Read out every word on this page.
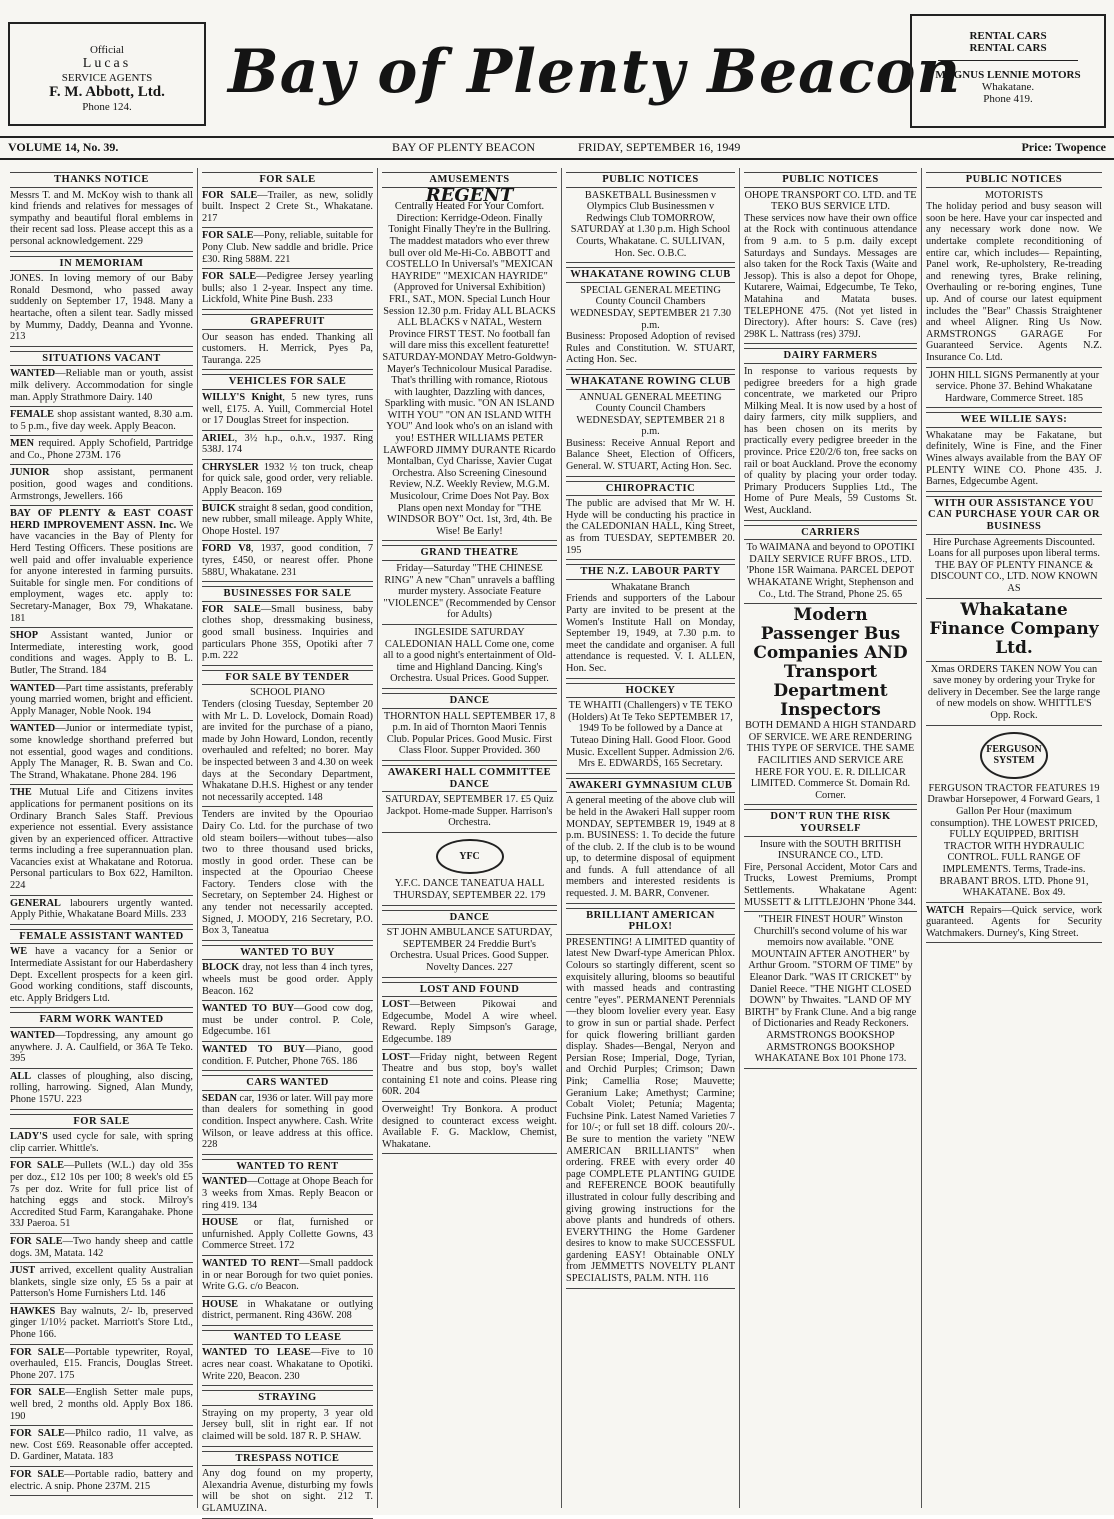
Official
Lucas
SERVICE AGENTS
F. M. Abbott, Ltd.
Phone 124.	Bay of Plenty Beacon
RENTAL CARS
RENTAL CARS
MAGNUS LENNIE MOTORS
Whakatane.
Phone 419.
VOLUME 14, No. 39.	BAY OF PLENTY BEACON	FRIDAY, SEPTEMBER 16, 1949	Price: Twopence
THANKS NOTICE

Messrs T. and M. McKoy wish to thank all kind friends and relatives for messages of sympathy and beautiful floral emblems in their recent sad loss. Please accept this as a personal acknowledgement. 229

IN MEMORIAM

JONES. In loving memory of our Baby Ronald Desmond, who passed away suddenly on September 17, 1948. Many a heartache, often a silent tear. Sadly missed by Mummy, Daddy, Deanna and Yvonne. 213

SITUATIONS VACANT

WANTED—Reliable man or youth, assist milk delivery. Accommodation for single man. Apply Strathmore Dairy. 140

FEMALE shop assistant wanted, 8.30 a.m. to 5 p.m., five day week. Apply Beacon.

MEN required. Apply Schofield, Partridge and Co., Phone 273M. 176

JUNIOR shop assistant, permanent position, good wages and conditions. Armstrongs, Jewellers. 166

BAY OF PLENTY & EAST COAST HERD IMPROVEMENT ASSN. Inc. We have vacancies in the Bay of Plenty for Herd Testing Officers. These positions are well paid and offer invaluable experience for anyone interested in farming pursuits. Suitable for single men. For conditions of employment, wages etc. apply to: Secretary-Manager, Box 79, Whakatane. 181

SHOP Assistant wanted, Junior or Intermediate, interesting work, good conditions and wages. Apply to B. L. Butler, The Strand. 184

WANTED—Part time assistants, preferably young married women, bright and efficient. Apply Manager, Noble Nook. 194

WANTED—Junior or intermediate typist, some knowledge shorthand preferred but not essential, good wages and conditions. Apply The Manager, R. B. Swan and Co. The Strand, Whakatane. Phone 284. 196

THE Mutual Life and Citizens invites applications for permanent positions on its Ordinary Branch Sales Staff. Previous experience not essential. Every assistance given by an experienced officer. Attractive terms including a free superannuation plan. Vacancies exist at Whakatane and Rotorua. Personal particulars to Box 622, Hamilton. 224

GENERAL labourers urgently wanted. Apply Pithie, Whakatane Board Mills. 233

FEMALE ASSISTANT WANTED

WE have a vacancy for a Senior or Intermediate Assistant for our Haberdashery Dept. Excellent prospects for a keen girl. Good working conditions, staff discounts, etc. Apply Bridgers Ltd.

FARM WORK WANTED

WANTED—Topdressing, any amount go anywhere. J. A. Caulfield, or 36A Te Teko. 395

ALL classes of ploughing, also discing, rolling, harrowing. Signed, Alan Mundy, Phone 157U. 223

FOR SALE

LADY'S used cycle for sale, with spring clip carrier. Whittle's.

FOR SALE—Pullets (W.L.) day old 35s per doz., £12 10s per 100; 8 week's old £5 7s per doz. Write for full price list of hatching eggs and stock. Milroy's Accredited Stud Farm, Karangahake. Phone 33J Paeroa. 51

FOR SALE—Two handy sheep and cattle dogs. 3M, Matata. 142

JUST arrived, excellent quality Australian blankets, single size only, £5 5s a pair at Patterson's Home Furnishers Ltd. 146

HAWKES Bay walnuts, 2/- lb, preserved ginger 1/10½ packet. Marriott's Store Ltd., Phone 166.

FOR SALE—Portable typewriter, Royal, overhauled, £15. Francis, Douglas Street. Phone 207. 175

FOR SALE—English Setter male pups, well bred, 2 months old. Apply Box 186. 190

FOR SALE—Philco radio, 11 valve, as new. Cost £69. Reasonable offer accepted. D. Gardiner, Matata. 183

FOR SALE—Portable radio, battery and electric. A snip. Phone 237M. 215

FOR SALE

FOR SALE—Trailer, as new, solidly built. Inspect 2 Crete St., Whakatane. 217

FOR SALE—Pony, reliable, suitable for Pony Club. New saddle and bridle. Price £30. Ring 588M. 221

FOR SALE—Pedigree Jersey yearling bulls; also 1 2-year. Inspect any time. Lickfold, White Pine Bush. 233

GRAPEFRUIT

Our season has ended. Thanking all customers. H. Merrick, Pyes Pa, Tauranga. 225

VEHICLES FOR SALE

WILLY'S Knight, 5 new tyres, runs well, £175. A. Yuill, Commercial Hotel or 17 Douglas Street for inspection.

ARIEL, 3½ h.p., o.h.v., 1937. Ring 538J. 174

CHRYSLER 1932 ½ ton truck, cheap for quick sale, good order, very reliable. Apply Beacon. 169

BUICK straight 8 sedan, good condition, new rubber, small mileage. Apply White, Ohope Hostel. 197

FORD V8, 1937, good condition, 7 tyres, £450, or nearest offer. Phone 588U, Whakatane. 231

BUSINESSES FOR SALE

FOR SALE—Small business, baby clothes shop, dressmaking business, good small business. Inquiries and particulars Phone 35S, Opotiki after 7 p.m. 222

FOR SALE BY TENDER

SCHOOL PIANO

Tenders (closing Tuesday, September 20 with Mr L. D. Lovelock, Domain Road) are invited for the purchase of a piano, made by John Howard, London, recently overhauled and refelted; no borer. May be inspected between 3 and 4.30 on week days at the Secondary Department, Whakatane D.H.S. Highest or any tender not necessarily accepted. 148

Tenders are invited by the Opouriao Dairy Co. Ltd. for the purchase of two old steam boilers—without tubes—also two to three thousand used bricks, mostly in good order. These can be inspected at the Opouriao Cheese Factory. Tenders close with the Secretary, on September 24. Highest or any tender not necessarily accepted. Signed, J. MOODY, 216 Secretary, P.O. Box 3, Taneatua

WANTED TO BUY

BLOCK dray, not less than 4 inch tyres, wheels must be good order. Apply Beacon. 162

WANTED TO BUY—Good cow dog, must be under control. P. Cole, Edgecumbe. 161

WANTED TO BUY—Piano, good condition. F. Putcher, Phone 76S. 186

CARS WANTED

SEDAN car, 1936 or later. Will pay more than dealers for something in good condition. Inspect anywhere. Cash. Write Wilson, or leave address at this office. 228

WANTED TO RENT

WANTED—Cottage at Ohope Beach for 3 weeks from Xmas. Reply Beacon or ring 419. 134

HOUSE or flat, furnished or unfurnished. Apply Collette Gowns, 43 Commerce Street. 172

WANTED TO RENT—Small paddock in or near Borough for two quiet ponies. Write G.G. c/o Beacon.

HOUSE in Whakatane or outlying district, permanent. Ring 436W. 208

WANTED TO LEASE

WANTED TO LEASE—Five to 10 acres near coast. Whakatane to Opotiki. Write 220, Beacon. 230

STRAYING

Straying on my property, 3 year old Jersey bull, slit in right ear. If not claimed will be sold. 187 R. P. SHAW.

TRESPASS NOTICE

Any dog found on my property, Alexandria Avenue, disturbing my fowls will be shot on sight. 212 T. GLAMUZINA.

AMUSEMENTS
REGENT

Centrally Heated For Your Comfort. Direction: Kerridge-Odeon. Finally Tonight Finally They're in the Bullring. The maddest matadors who ever threw bull over old Me-Hi-Co. ABBOTT and COSTELLO In Universal's "MEXICAN HAYRIDE" "MEXICAN HAYRIDE" (Approved for Universal Exhibition) FRI., SAT., MON. Special Lunch Hour Session 12.30 p.m. Friday ALL BLACKS ALL BLACKS v NATAL, Western Province FIRST TEST. No football fan will dare miss this excellent featurette! SATURDAY-MONDAY Metro-Goldwyn-Mayer's Technicolour Musical Paradise. That's thrilling with romance, Riotous with laughter, Dazzling with dances, Sparkling with music. "ON AN ISLAND WITH YOU" "ON AN ISLAND WITH YOU" And look who's on an island with you! ESTHER WILLIAMS PETER LAWFORD JIMMY DURANTE Ricardo Montalban, Cyd Charisse, Xavier Cugat Orchestra. Also Screening Cinesound Review, N.Z. Weekly Review, M.G.M. Musicolour, Crime Does Not Pay. Box Plans open next Monday for "THE WINDSOR BOY" Oct. 1st, 3rd, 4th. Be Wise! Be Early!

GRAND THEATRE

Friday—Saturday "THE CHINESE RING" A new "Chan" unravels a baffling murder mystery. Associate Feature "VIOLENCE" (Recommended by Censor for Adults)

INGLESIDE SATURDAY CALEDONIAN HALL Come one, come all to a good night's entertainment of Old-time and Highland Dancing. King's Orchestra. Usual Prices. Good Supper.

DANCE

THORNTON HALL SEPTEMBER 17, 8 p.m. In aid of Thornton Maori Tennis Club. Popular Prices. Good Music. First Class Floor. Supper Provided. 360

AWAKERI HALL COMMITTEE DANCE

SATURDAY, SEPTEMBER 17. £5 Quiz Jackpot. Home-made Supper. Harrison's Orchestra.

YFC

Y.F.C. DANCE TANEATUA HALL THURSDAY, SEPTEMBER 22. 179

DANCE

ST JOHN AMBULANCE SATURDAY, SEPTEMBER 24 Freddie Burt's Orchestra. Usual Prices. Good Supper. Novelty Dances. 227

LOST AND FOUND

LOST—Between Pikowai and Edgecumbe, Model A wire wheel. Reward. Reply Simpson's Garage, Edgecumbe. 189

LOST—Friday night, between Regent Theatre and bus stop, boy's wallet containing £1 note and coins. Please ring 60R. 204

Overweight! Try Bonkora. A product designed to counteract excess weight. Available F. G. Macklow, Chemist, Whakatane.

PUBLIC NOTICES

BASKETBALL Businessmen v Olympics Club Businessmen v Redwings Club TOMORROW, SATURDAY at 1.30 p.m. High School Courts, Whakatane. C. SULLIVAN, Hon. Sec. O.B.C.

WHAKATANE ROWING CLUB

SPECIAL GENERAL MEETING County Council Chambers WEDNESDAY, SEPTEMBER 21 7.30 p.m.

Business: Proposed Adoption of revised Rules and Constitution. W. STUART, Acting Hon. Sec.

WHAKATANE ROWING CLUB

ANNUAL GENERAL MEETING County Council Chambers WEDNESDAY, SEPTEMBER 21 8 p.m.

Business: Receive Annual Report and Balance Sheet, Election of Officers, General. W. STUART, Acting Hon. Sec.

CHIROPRACTIC

The public are advised that Mr W. H. Hyde will be conducting his practice in the CALEDONIAN HALL, King Street, as from TUESDAY, SEPTEMBER 20. 195

THE N.Z. LABOUR PARTY

Whakatane Branch

Friends and supporters of the Labour Party are invited to be present at the Women's Institute Hall on Monday, September 19, 1949, at 7.30 p.m. to meet the candidate and organiser. A full attendance is requested. V. I. ALLEN, Hon. Sec.

HOCKEY

TE WHAITI (Challengers) v TE TEKO (Holders) At Te Teko SEPTEMBER 17, 1949 To be followed by a Dance at Tuteao Dining Hall. Good Floor. Good Music. Excellent Supper. Admission 2/6. Mrs E. EDWARDS, 165 Secretary.

AWAKERI GYMNASIUM CLUB

A general meeting of the above club will be held in the Awakeri Hall supper room MONDAY, SEPTEMBER 19, 1949 at 8 p.m. BUSINESS: 1. To decide the future of the club. 2. If the club is to be wound up, to determine disposal of equipment and funds. A full attendance of all members and interested residents is requested. J. M. BARR, Convener.

BRILLIANT AMERICAN PHLOX!

PRESENTING! A LIMITED quantity of latest New Dwarf-type American Phlox. Colours so startingly different, scent so exquisitely alluring, blooms so beautiful with massed heads and contrasting centre "eyes". PERMANENT Perennials—they bloom lovelier every year. Easy to grow in sun or partial shade. Perfect for quick flowering brilliant garden display. Shades—Bengal, Neryon and Persian Rose; Imperial, Doge, Tyrian, and Orchid Purples; Crimson; Dawn Pink; Camellia Rose; Mauvette; Geranium Lake; Amethyst; Carmine; Cobalt Violet; Petunia; Magenta; Fuchsine Pink. Latest Named Varieties 7 for 10/-; or full set 18 diff. colours 20/-. Be sure to mention the variety "NEW AMERICAN BRILLIANTS" when ordering. FREE with every order 40 page COMPLETE PLANTING GUIDE and REFERENCE BOOK beautifully illustrated in colour fully describing and giving growing instructions for the above plants and hundreds of others. EVERYTHING the Home Gardener desires to know to make SUCCESSFUL gardening EASY! Obtainable ONLY from JEMMETTS NOVELTY PLANT SPECIALISTS, PALM. NTH. 116

PUBLIC NOTICES

OHOPE TRANSPORT CO. LTD. and TE TEKO BUS SERVICE LTD.

These services now have their own office at the Rock with continuous attendance from 9 a.m. to 5 p.m. daily except Saturdays and Sundays. Messages are also taken for the Rock Taxis (Waite and Jessop). This is also a depot for Ohope, Kutarere, Waimai, Edgecumbe, Te Teko, Matahina and Matata buses. TELEPHONE 475. (Not yet listed in Directory). After hours: S. Cave (res) 298K L. Nattrass (res) 379J.

DAIRY FARMERS

In response to various requests by pedigree breeders for a high grade concentrate, we marketed our Pripro Milking Meal. It is now used by a host of dairy farmers, city milk suppliers, and has been chosen on its merits by practically every pedigree breeder in the province. Price £20/2/6 ton, free sacks on rail or boat Auckland. Prove the economy of quality by placing your order today. Primary Producers Supplies Ltd., The Home of Pure Meals, 59 Customs St. West, Auckland.

CARRIERS

To WAIMANA and beyond to OPOTIKI DAILY SERVICE RUFF BROS., LTD. 'Phone 15R Waimana. PARCEL DEPOT WHAKATANE Wright, Stephenson and Co., Ltd. The Strand, Phone 25. 65

Modern Passenger Bus Companies AND Transport Department Inspectors

BOTH DEMAND A HIGH STANDARD OF SERVICE. WE ARE RENDERING THIS TYPE OF SERVICE. THE SAME FACILITIES AND SERVICE ARE HERE FOR YOU. E. R. DILLICAR LIMITED. Commerce St. Domain Rd. Corner.

DON'T RUN THE RISK YOURSELF

Insure with the SOUTH BRITISH INSURANCE CO., LTD.

Fire, Personal Accident, Motor Cars and Trucks, Lowest Premiums, Prompt Settlements. Whakatane Agent: MUSSETT & LITTLEJOHN 'Phone 344.

"THEIR FINEST HOUR" Winston Churchill's second volume of his war memoirs now available. "ONE MOUNTAIN AFTER ANOTHER" by Arthur Groom. "STORM OF TIME" by Eleanor Dark. "WAS IT CRICKET" by Daniel Reece. "THE NIGHT CLOSED DOWN" by Thwaites. "LAND OF MY BIRTH" by Frank Clune. And a big range of Dictionaries and Ready Reckoners. ARMSTRONGS BOOKSHOP ARMSTRONGS BOOKSHOP WHAKATANE Box 101 Phone 173.

PUBLIC NOTICES

MOTORISTS

The holiday period and busy season will soon be here. Have your car inspected and any necessary work done now. We undertake complete reconditioning of entire car, which includes— Repainting, Panel work, Re-upholstery, Re-treading and renewing tyres, Brake relining, Overhauling or re-boring engines, Tune up. And of course our latest equipment includes the "Bear" Chassis Straightener and wheel Aligner. Ring Us Now. ARMSTRONGS GARAGE For Guaranteed Service. Agents N.Z. Insurance Co. Ltd.

JOHN HILL SIGNS Permanently at your service. Phone 37. Behind Whakatane Hardware, Commerce Street. 185

WEE WILLIE SAYS:

Whakatane may be Fakatane, but definitely, Wine is Fine, and the Finer Wines always available from the BAY OF PLENTY WINE CO. Phone 435. J. Barnes, Edgecumbe Agent.

WITH OUR ASSISTANCE YOU CAN PURCHASE YOUR CAR OR BUSINESS

Hire Purchase Agreements Discounted. Loans for all purposes upon liberal terms. THE BAY OF PLENTY FINANCE & DISCOUNT CO., LTD. NOW KNOWN AS

Whakatane Finance Company Ltd.

Xmas ORDERS TAKEN NOW You can save money by ordering your Tryke for delivery in December. See the large range of new models on show. WHITTLE'S Opp. Rock.

FERGUSON SYSTEM

FERGUSON TRACTOR FEATURES 19 Drawbar Horsepower, 4 Forward Gears, 1 Gallon Per Hour (maximum consumption). THE LOWEST PRICED, FULLY EQUIPPED, BRITISH TRACTOR WITH HYDRAULIC CONTROL. FULL RANGE OF IMPLEMENTS. Terms, Trade-ins. BRABANT BROS. LTD. Phone 91, WHAKATANE. Box 49.

WATCH Repairs—Quick service, work guaranteed. Agents for Security Watchmakers. Durney's, King Street.
